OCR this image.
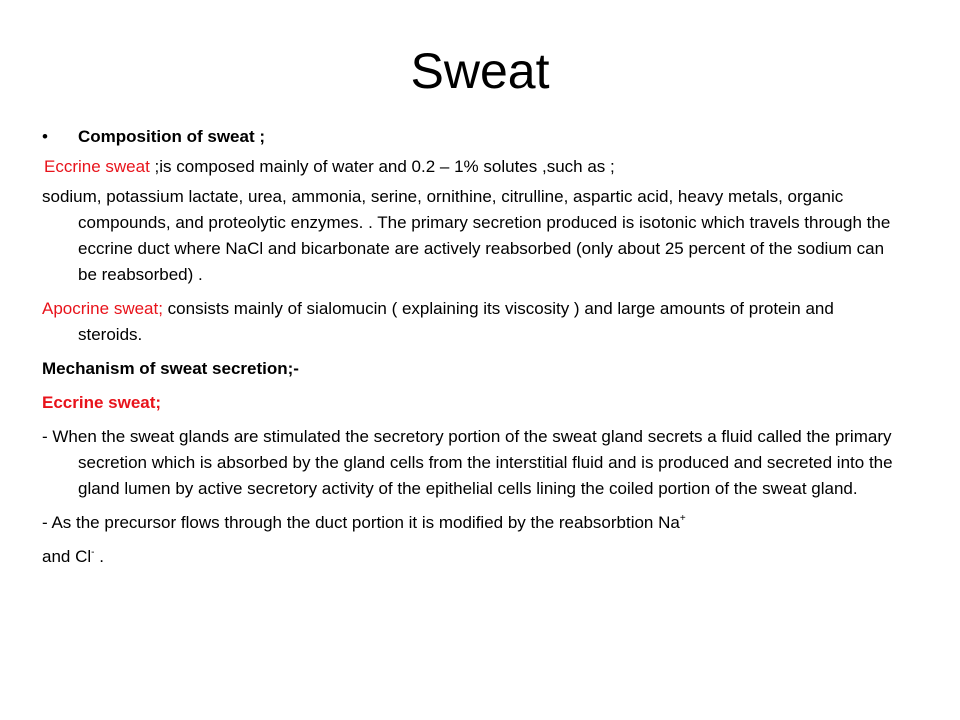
Sweat
• Composition of sweat ;

Eccrine sweat ;is composed mainly of water and 0.2 – 1% solutes ,such as ;

sodium, potassium lactate, urea, ammonia, serine, ornithine, citrulline, aspartic acid, heavy metals, organic compounds, and proteolytic enzymes. . The primary secretion produced is isotonic which travels through the eccrine duct where NaCl and bicarbonate are actively reabsorbed (only about 25 percent of the sodium can be reabsorbed) .

Apocrine sweat; consists mainly of sialomucin ( explaining its viscosity ) and large amounts of protein and steroids.

Mechanism of sweat secretion;-

Eccrine sweat;

- When the sweat glands are stimulated the secretory portion of the sweat gland secrets a fluid called the primary secretion which is absorbed by the gland cells from the interstitial fluid and is produced and secreted into the gland lumen by active secretory activity of the epithelial cells lining the coiled portion of the sweat gland.

- As the precursor flows through the duct portion it is modified by the reabsorbtion Na+

and Cl- .
